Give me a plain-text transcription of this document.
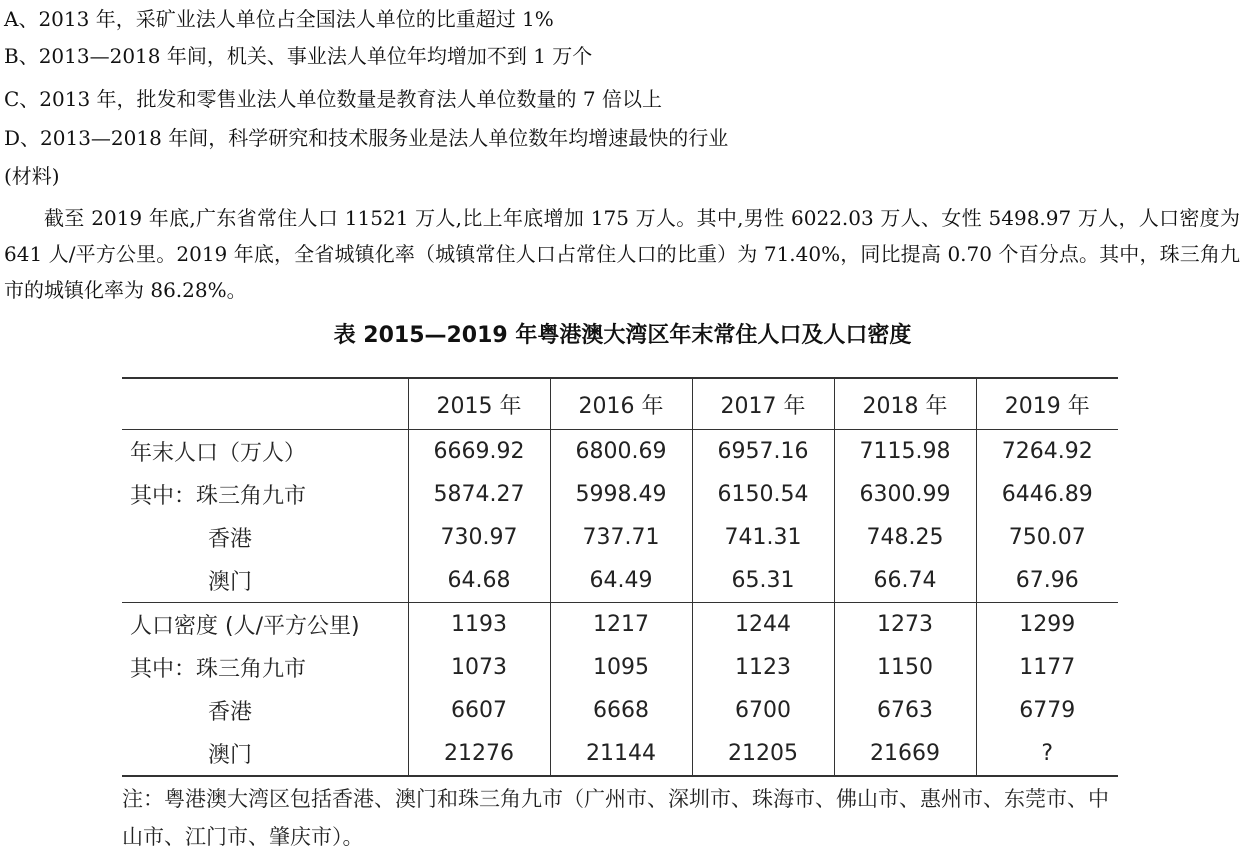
A、2013 年，采矿业法人单位占全国法人单位的比重超过 1%
B、2013—2018 年间，机关、事业法人单位年均增加不到 1 万个
C、2013 年，批发和零售业法人单位数量是教育法人单位数量的 7 倍以上
D、2013—2018 年间，科学研究和技术服务业是法人单位数年均增速最快的行业
(材料)
截至 2019 年底,广东省常住人口 11521 万人,比上年底增加 175 万人。其中,男性 6022.03 万人、女性 5498.97 万人，人口密度为 641 人/平方公里。2019 年底，全省城镇化率（城镇常住人口占常住人口的比重）为 71.40%，同比提高 0.70 个百分点。其中，珠三角九市的城镇化率为 86.28%。
表 2015—2019 年粤港澳大湾区年末常住人口及人口密度
	2015 年	2016 年	2017 年	2018 年	2019 年
年末人口（万人）	6669.92	6800.69	6957.16	7115.98	7264.92
其中：珠三角九市	5874.27	5998.49	6150.54	6300.99	6446.89
香港	730.97	737.71	741.31	748.25	750.07
澳门	64.68	64.49	65.31	66.74	67.96
人口密度 (人/平方公里)	1193	1217	1244	1273	1299
其中：珠三角九市	1073	1095	1123	1150	1177
香港	6607	6668	6700	6763	6779
澳门	21276	21144	21205	21669	?
注：粤港澳大湾区包括香港、澳门和珠三角九市（广州市、深圳市、珠海市、佛山市、惠州市、东莞市、中山市、江门市、肇庆市）。
